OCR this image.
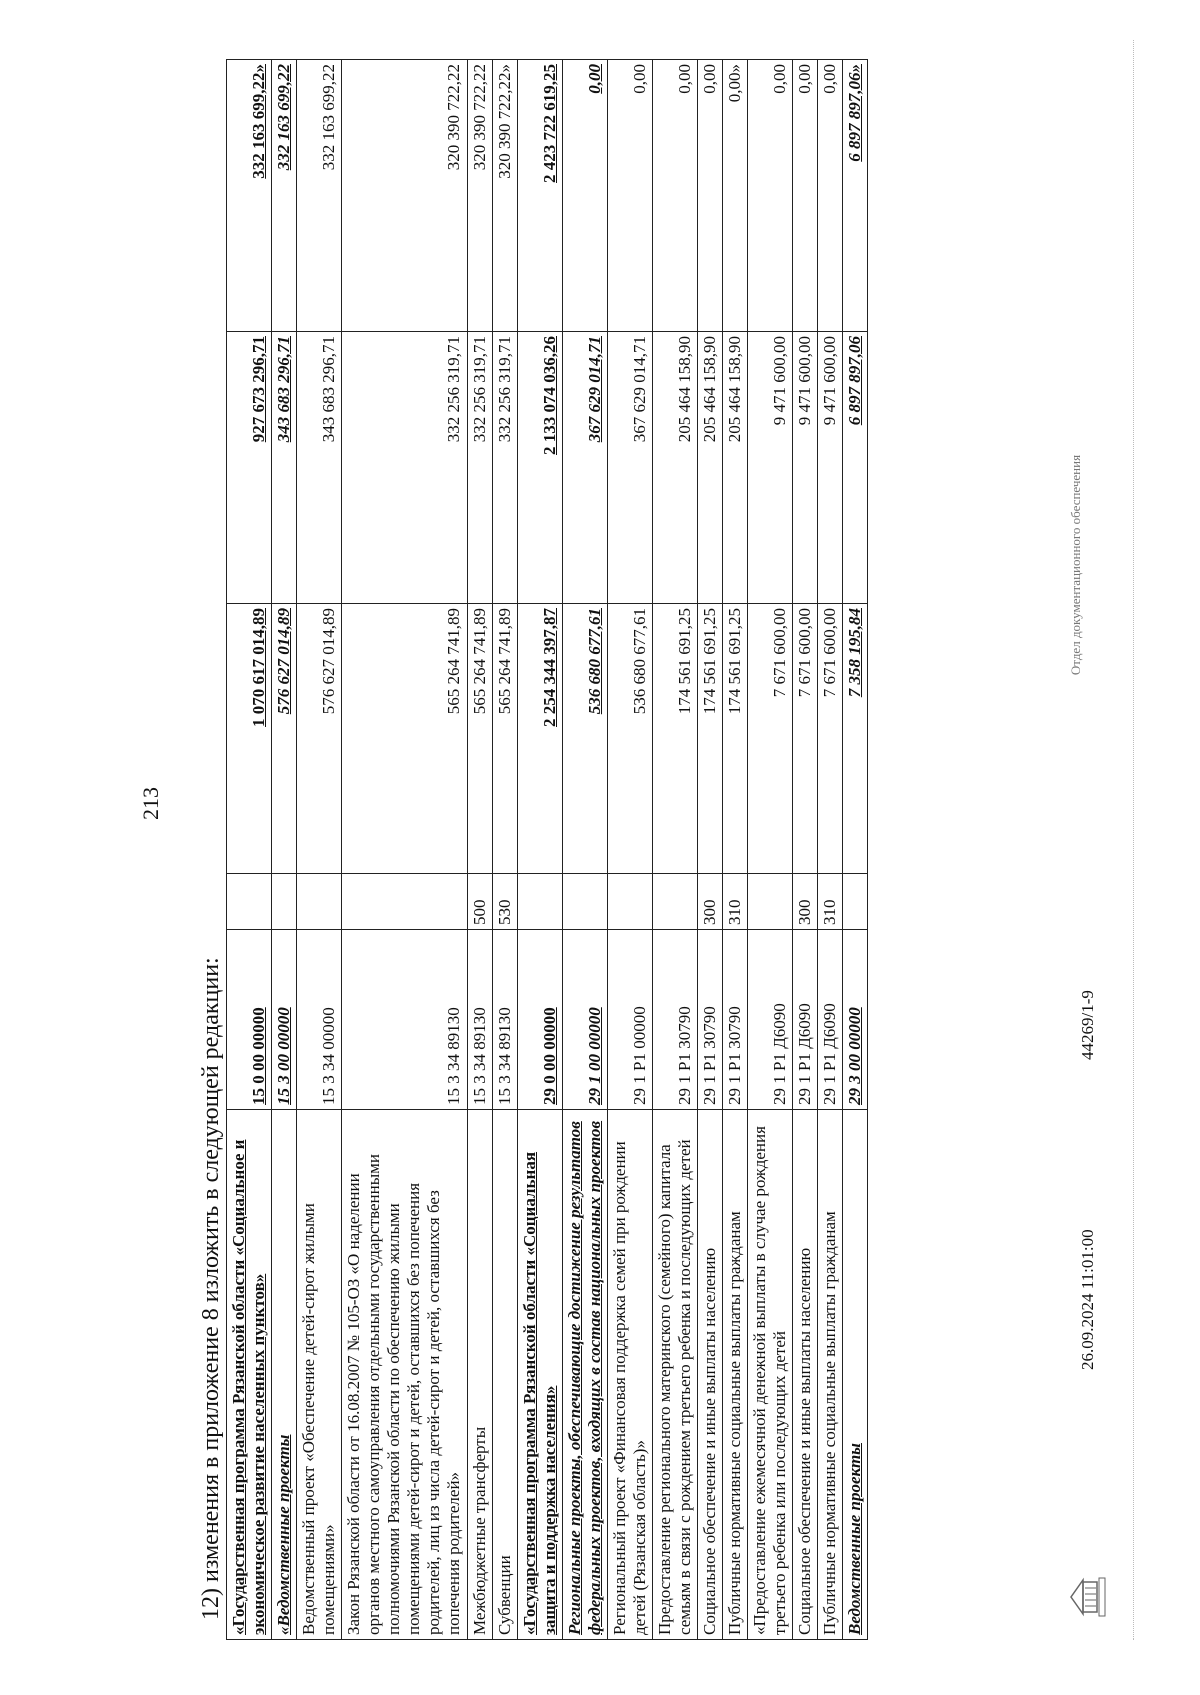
213
12) изменения в приложение 8 изложить в следующей редакции: «Государственная программа Рязанской области «Социальное и экономическое развитие населенных пунктов»	15 0 00 00000		1 070 617 014,89	927 673 296,71	332 163 699,22»
«Ведомственные проекты	15 3 00 00000		576 627 014,89	343 683 296,71	332 163 699,22
Ведомственный проект «Обеспечение детей-сирот жилыми помещениями»	15 3 34 00000		576 627 014,89	343 683 296,71	332 163 699,22
Закон Рязанской области от 16.08.2007 № 105-ОЗ «О наделении органов местного самоуправления отдельными государственными полномочиями Рязанской области по обеспечению жилыми помещениями детей-сирот и детей, оставшихся без попечения родителей, лиц из числа детей-сирот и детей, оставшихся без попечения родителей»	15 3 34 89130		565 264 741,89	332 256 319,71	320 390 722,22
Межбюджетные трансферты	15 3 34 89130	500	565 264 741,89	332 256 319,71	320 390 722,22
Субвенции	15 3 34 89130	530	565 264 741,89	332 256 319,71	320 390 722,22»
«Государственная программа Рязанской области «Социальная защита и поддержка населения»	29 0 00 00000		2 254 344 397,87	2 133 074 036,26	2 423 722 619,25
Региональные проекты, обеспечивающие достижение результатов федеральных проектов, входящих в состав национальных проектов	29 1 00 00000		536 680 677,61	367 629 014,71	0,00
Региональный проект «Финансовая поддержка семей при рождении детей (Рязанская область)»	29 1 Р1 00000		536 680 677,61	367 629 014,71	0,00
Предоставление регионального материнского (семейного) капитала семьям в связи с рождением третьего ребенка и последующих детей	29 1 Р1 30790		174 561 691,25	205 464 158,90	0,00
Социальное обеспечение и иные выплаты населению	29 1 Р1 30790	300	174 561 691,25	205 464 158,90	0,00
Публичные нормативные социальные выплаты гражданам	29 1 Р1 30790	310	174 561 691,25	205 464 158,90	0,00»
«Предоставление ежемесячной денежной выплаты в случае рождения третьего ребенка или последующих детей	29 1 Р1 Д6090		7 671 600,00	9 471 600,00	0,00
Социальное обеспечение и иные выплаты населению	29 1 Р1 Д6090	300	7 671 600,00	9 471 600,00	0,00
Публичные нормативные социальные выплаты гражданам	29 1 Р1 Д6090	310	7 671 600,00	9 471 600,00	0,00
Ведомственные проекты	29 3 00 00000		7 358 195,84	6 897 897,06	6 897 897,06»
26.09.2024 11:01:00
44269/1-9
Отдел документационного обеспечения
